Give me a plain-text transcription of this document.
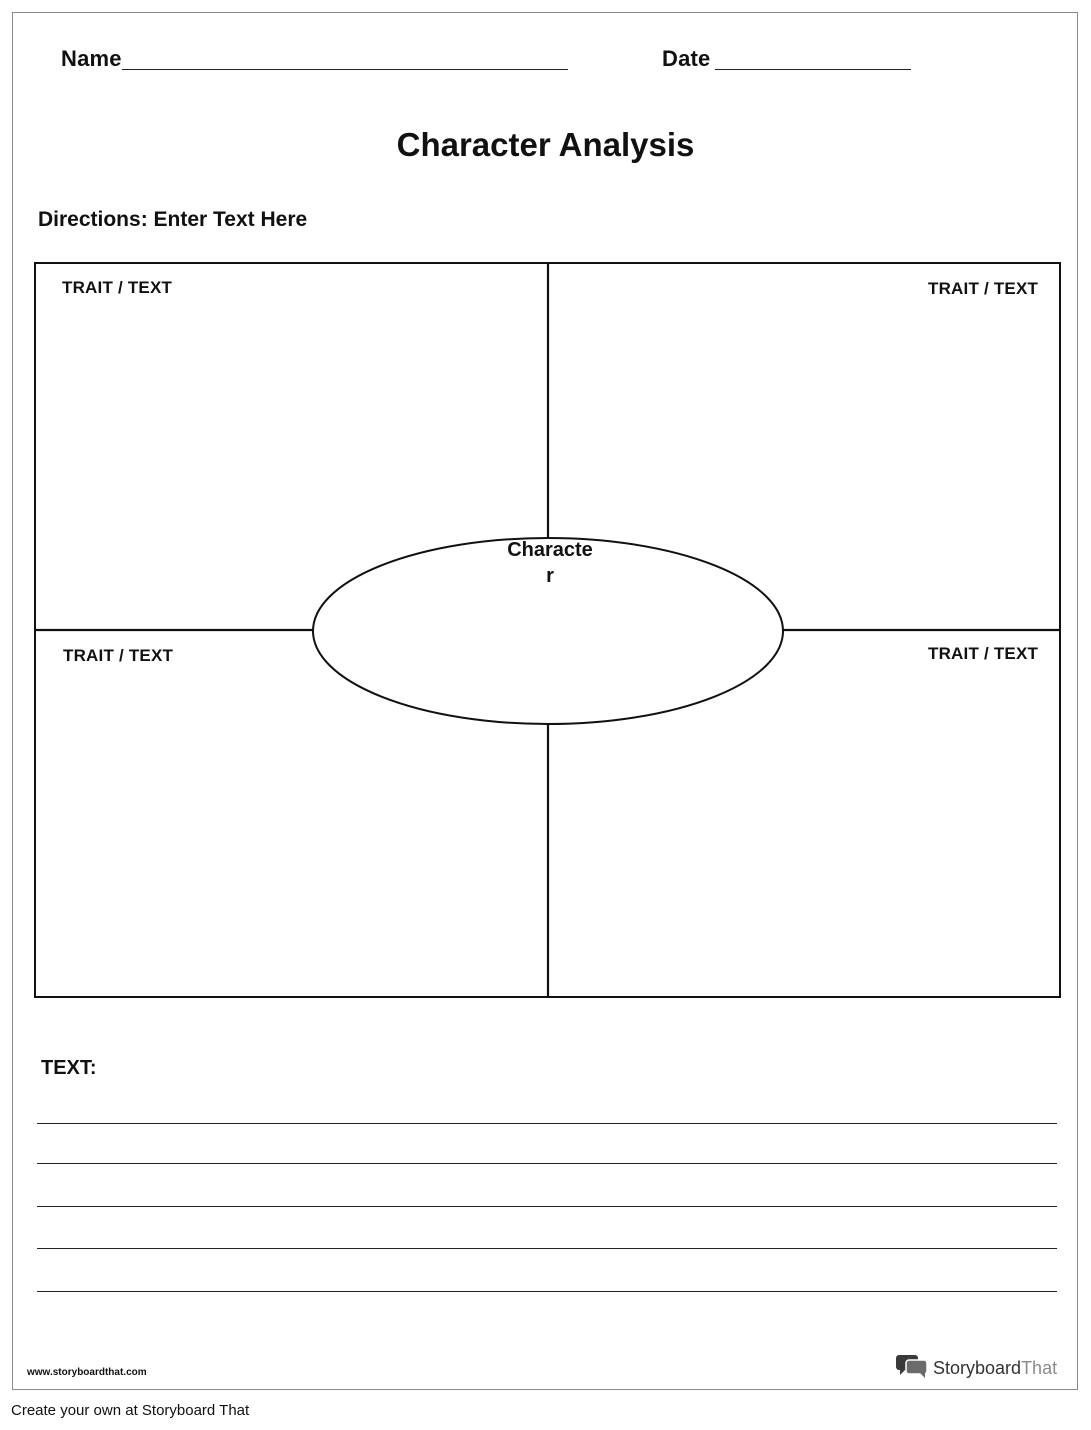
Name	Date
Character Analysis
Directions: Enter Text Here
TRAIT / TEXT	TRAIT / TEXT
TRAIT / TEXT	TRAIT / TEXT
Characte
r
TEXT:
www.storyboardthat.com	StoryboardThat
Create your own at Storyboard That
